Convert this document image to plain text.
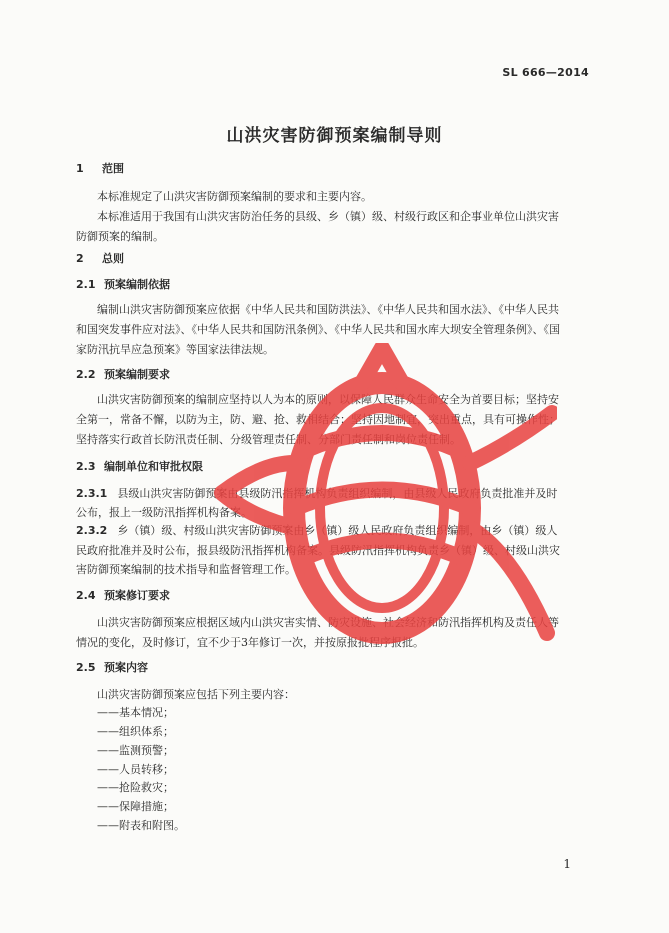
SL 666—2014
山洪灾害防御预案编制导则
1 范围
本标准规定了山洪灾害防御预案编制的要求和主要内容。
本标准适用于我国有山洪灾害防治任务的县级、乡（镇）级、村级行政区和企事业单位山洪灾害
防御预案的编制。
2 总则
2.1 预案编制依据
编制山洪灾害防御预案应依据《中华人民共和国防洪法》、《中华人民共和国水法》、《中华人民共
和国突发事件应对法》、《中华人民共和国防汛条例》、《中华人民共和国水库大坝安全管理条例》、《国
家防汛抗旱应急预案》等国家法律法规。
2.2 预案编制要求
山洪灾害防御预案的编制应坚持以人为本的原则，以保障人民群众生命安全为首要目标；坚持安
全第一，常备不懈，以防为主，防、避、抢、救相结合；坚持因地制宜，突出重点，具有可操作性；
坚持落实行政首长防汛责任制、分级管理责任制、分部门责任制和岗位责任制。
2.3 编制单位和审批权限
2.3.1 县级山洪灾害防御预案由县级防汛指挥机构负责组织编制，由县级人民政府负责批准并及时
公布，报上一级防汛指挥机构备案。
2.3.2 乡（镇）级、村级山洪灾害防御预案由乡（镇）级人民政府负责组织编制，由乡（镇）级人
民政府批准并及时公布，报县级防汛指挥机构备案。县级防汛指挥机构负责乡（镇）级、村级山洪灾
害防御预案编制的技术指导和监督管理工作。
2.4 预案修订要求
山洪灾害防御预案应根据区域内山洪灾害实情、防灾设施、社会经济和防汛指挥机构及责任人等
情况的变化，及时修订，宜不少于3年修订一次，并按原报批程序报批。
2.5 预案内容
山洪灾害防御预案应包括下列主要内容：
——基本情况；
——组织体系；
——监测预警；
——人员转移；
——抢险救灾；
——保障措施；
——附表和附图。
1
